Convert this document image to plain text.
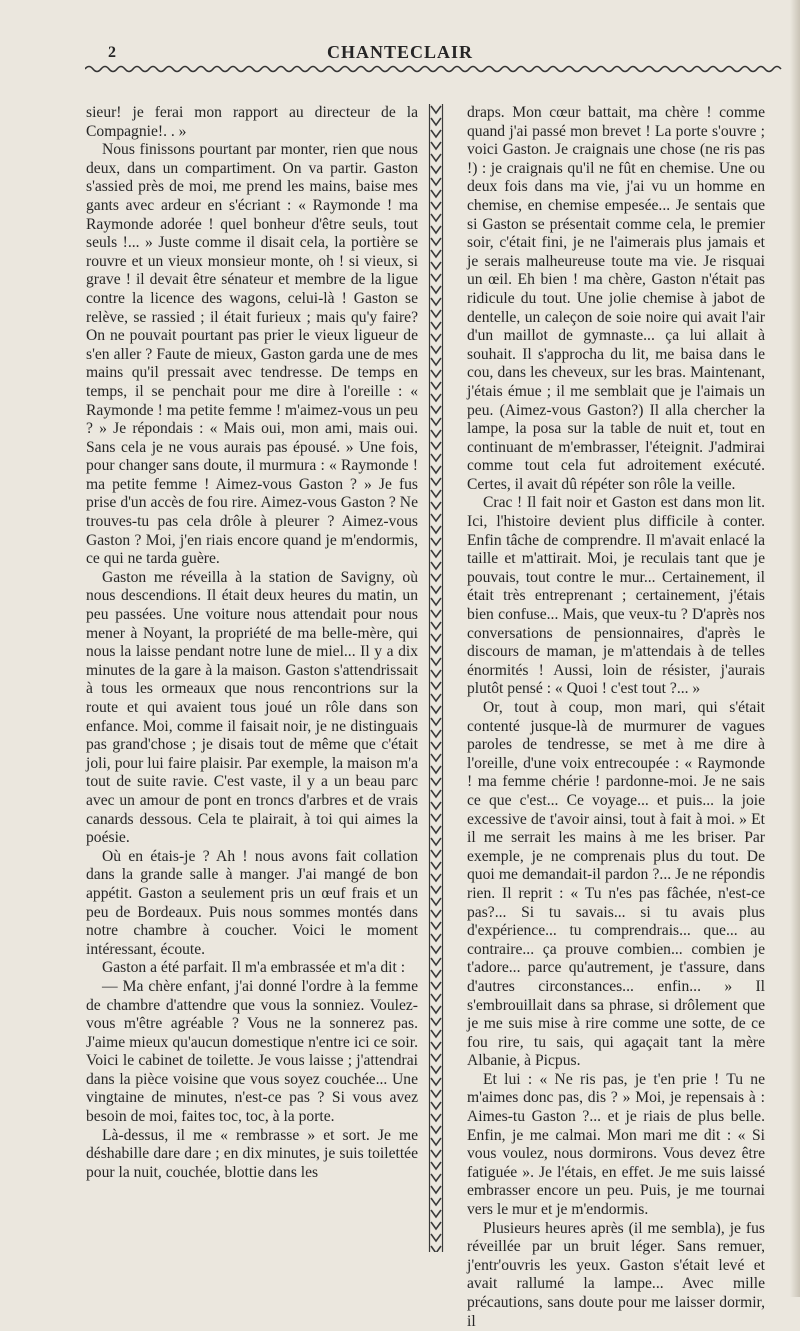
2	CHANTECLAIR

sieur! je ferai mon rapport au directeur de la Compagnie!. . »

Nous finissons pourtant par monter, rien que nous deux, dans un compartiment. On va partir. Gaston s'assied près de moi, me prend les mains, baise mes gants avec ardeur en s'écriant : « Raymonde ! ma Raymonde adorée ! quel bonheur d'être seuls, tout seuls !... » Juste comme il disait cela, la portière se rouvre et un vieux monsieur monte, oh ! si vieux, si grave ! il devait être sénateur et membre de la ligue contre la licence des wagons, celui-là ! Gaston se relève, se rassied ; il était furieux ; mais qu'y faire? On ne pouvait pourtant pas prier le vieux ligueur de s'en aller ? Faute de mieux, Gaston garda une de mes mains qu'il pressait avec tendresse. De temps en temps, il se penchait pour me dire à l'oreille : « Raymonde ! ma petite femme ! m'aimez-vous un peu ? » Je répondais : « Mais oui, mon ami, mais oui. Sans cela je ne vous aurais pas épousé. » Une fois, pour changer sans doute, il murmura : « Raymonde ! ma petite femme ! Aimez-vous Gaston ? » Je fus prise d'un accès de fou rire. Aimez-vous Gaston ? Ne trouves-tu pas cela drôle à pleurer ? Aimez-vous Gaston ? Moi, j'en riais encore quand je m'endormis, ce qui ne tarda guère.

Gaston me réveilla à la station de Savigny, où nous descendions. Il était deux heures du matin, un peu passées. Une voiture nous attendait pour nous mener à Noyant, la propriété de ma belle-mère, qui nous la laisse pendant notre lune de miel... Il y a dix minutes de la gare à la maison. Gaston s'attendrissait à tous les ormeaux que nous rencontrions sur la route et qui avaient tous joué un rôle dans son enfance. Moi, comme il faisait noir, je ne distinguais pas grand'chose ; je disais tout de même que c'était joli, pour lui faire plaisir. Par exemple, la maison m'a tout de suite ravie. C'est vaste, il y a un beau parc avec un amour de pont en troncs d'arbres et de vrais canards dessous. Cela te plairait, à toi qui aimes la poésie.

Où en étais-je ? Ah ! nous avons fait collation dans la grande salle à manger. J'ai mangé de bon appétit. Gaston a seulement pris un œuf frais et un peu de Bordeaux. Puis nous sommes montés dans notre chambre à coucher. Voici le moment intéressant, écoute.

Gaston a été parfait. Il m'a embrassée et m'a dit :

— Ma chère enfant, j'ai donné l'ordre à la femme de chambre d'attendre que vous la sonniez. Voulez-vous m'être agréable ? Vous ne la sonnerez pas. J'aime mieux qu'aucun domestique n'entre ici ce soir. Voici le cabinet de toilette. Je vous laisse ; j'attendrai dans la pièce voisine que vous soyez couchée... Une vingtaine de minutes, n'est-ce pas ? Si vous avez besoin de moi, faites toc, toc, à la porte.

Là-dessus, il me « rembrasse » et sort. Je me déshabille dare dare ; en dix minutes, je suis toilettée pour la nuit, couchée, blottie dans les

draps. Mon cœur battait, ma chère ! comme quand j'ai passé mon brevet ! La porte s'ouvre ; voici Gaston. Je craignais une chose (ne ris pas !) : je craignais qu'il ne fût en chemise. Une ou deux fois dans ma vie, j'ai vu un homme en chemise, en chemise empesée... Je sentais que si Gaston se présentait comme cela, le premier soir, c'était fini, je ne l'aimerais plus jamais et je serais malheureuse toute ma vie. Je risquai un œil. Eh bien ! ma chère, Gaston n'était pas ridicule du tout. Une jolie chemise à jabot de dentelle, un caleçon de soie noire qui avait l'air d'un maillot de gymnaste... ça lui allait à souhait. Il s'approcha du lit, me baisa dans le cou, dans les cheveux, sur les bras. Maintenant, j'étais émue ; il me semblait que je l'aimais un peu. (Aimez-vous Gaston?) Il alla chercher la lampe, la posa sur la table de nuit et, tout en continuant de m'embrasser, l'éteignit. J'admirai comme tout cela fut adroitement exécuté. Certes, il avait dû répéter son rôle la veille.

Crac ! Il fait noir et Gaston est dans mon lit. Ici, l'histoire devient plus difficile à conter. Enfin tâche de comprendre. Il m'avait enlacé la taille et m'attirait. Moi, je reculais tant que je pouvais, tout contre le mur... Certainement, il était très entreprenant ; certainement, j'étais bien confuse... Mais, que veux-tu ? D'après nos conversations de pensionnaires, d'après le discours de maman, je m'attendais à de telles énormités ! Aussi, loin de résister, j'aurais plutôt pensé : « Quoi ! c'est tout ?... »

Or, tout à coup, mon mari, qui s'était contenté jusque-là de murmurer de vagues paroles de tendresse, se met à me dire à l'oreille, d'une voix entrecoupée : « Raymonde ! ma femme chérie ! pardonne-moi. Je ne sais ce que c'est... Ce voyage... et puis... la joie excessive de t'avoir ainsi, tout à fait à moi. » Et il me serrait les mains à me les briser. Par exemple, je ne comprenais plus du tout. De quoi me demandait-il pardon ?... Je ne répondis rien. Il reprit : « Tu n'es pas fâchée, n'est-ce pas?... Si tu savais... si tu avais plus d'expérience... tu comprendrais... que... au contraire... ça prouve combien... combien je t'adore... parce qu'autrement, je t'assure, dans d'autres circonstances... enfin... » Il s'embrouillait dans sa phrase, si drôlement que je me suis mise à rire comme une sotte, de ce fou rire, tu sais, qui agaçait tant la mère Albanie, à Picpus.

Et lui : « Ne ris pas, je t'en prie ! Tu ne m'aimes donc pas, dis ? » Moi, je repensais à : Aimes-tu Gaston ?... et je riais de plus belle. Enfin, je me calmai. Mon mari me dit : « Si vous voulez, nous dormirons. Vous devez être fatiguée ». Je l'étais, en effet. Je me suis laissé embrasser encore un peu. Puis, je me tournai vers le mur et je m'endormis.

Plusieurs heures après (il me sembla), je fus réveillée par un bruit léger. Sans remuer, j'entr'ouvris les yeux. Gaston s'était levé et avait rallumé la lampe... Avec mille précautions, sans doute pour me laisser dormir, il
